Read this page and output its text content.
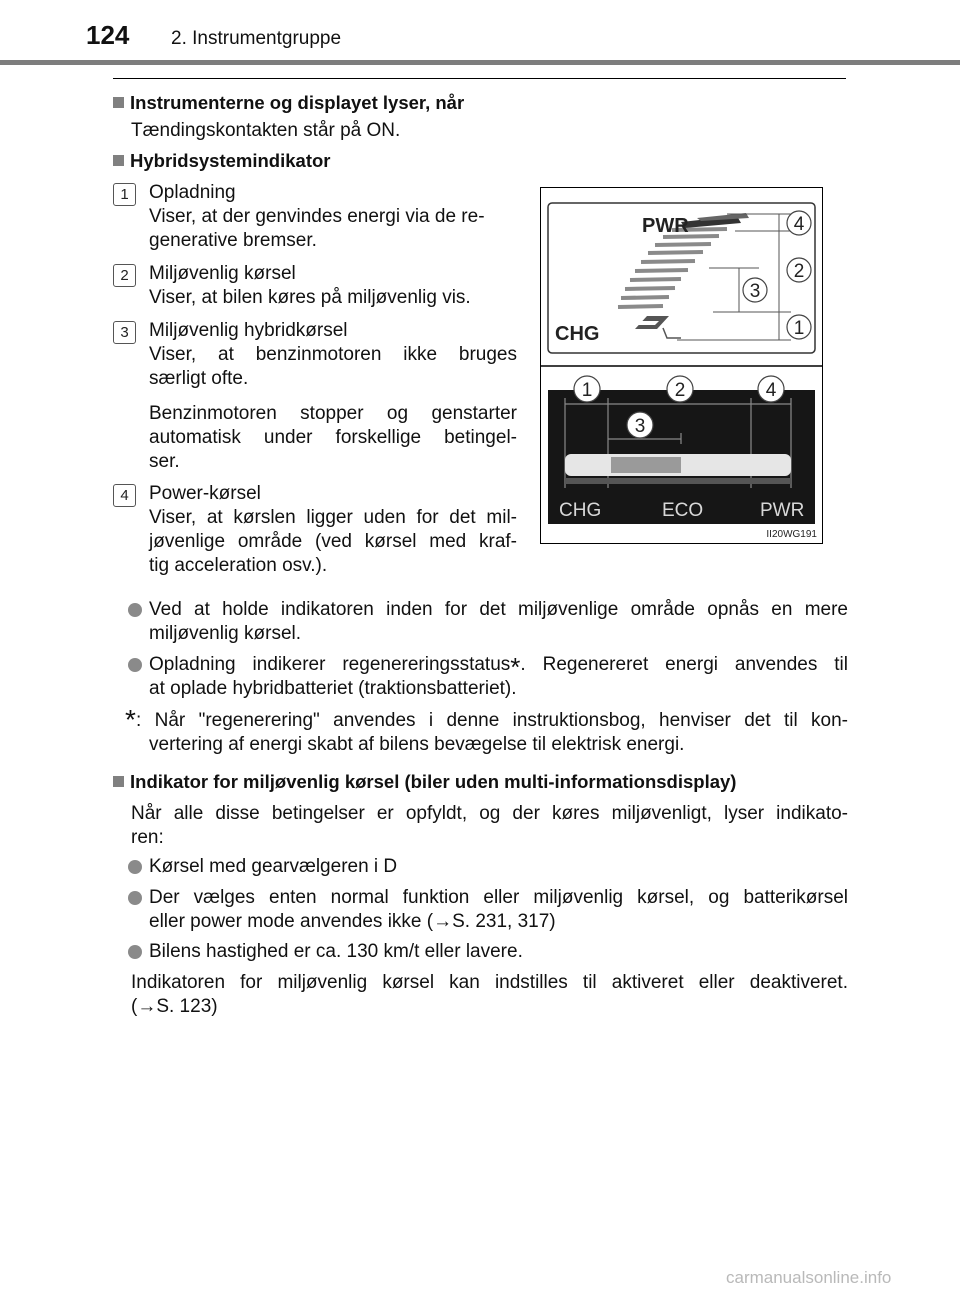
124 2. Instrumentgruppe
Instrumenterne og displayet lyser, når
Tændingskontakten står på ON.
Hybridsystemindikator
1	Opladning
Viser, at der genvindes energi via de re-
generative bremser.
2	Miljøvenlig kørsel
Viser, at bilen køres på miljøvenlig vis.
3	Miljøvenlig hybridkørsel
Viser, at benzinmotoren ikke bruges
særligt ofte.
Benzinmotoren stopper og genstarter
automatisk under forskellige betingel-
ser.
4	Power-kørsel
Viser, at kørslen ligger uden for det mil-
jøvenlige område (ved kørsel med kraf-
tig acceleration osv.).
PWR
CHG
4
2
3
1
CHG	ECO	PWR
1	2	4
3
II20WG191
Ved at holde indikatoren inden for det miljøvenlige område opnås en mere
miljøvenlig kørsel.
Opladning indikerer regenereringsstatus*. Regenereret energi anvendes til
at oplade hybridbatteriet (traktionsbatteriet).
* : Når "regenerering" anvendes i denne instruktionsbog, henviser det til kon-
vertering af energi skabt af bilens bevægelse til elektrisk energi.
Indikator for miljøvenlig kørsel (biler uden multi-informationsdisplay)
Når alle disse betingelser er opfyldt, og der køres miljøvenligt, lyser indikato-
ren:
Kørsel med gearvælgeren i D
Der vælges enten normal funktion eller miljøvenlig kørsel, og batterikørsel
eller power mode anvendes ikke (→S. 231, 317)
Bilens hastighed er ca. 130 km/t eller lavere.
Indikatoren for miljøvenlig kørsel kan indstilles til aktiveret eller deaktiveret.
(→S. 123)
carmanualsonline.info
